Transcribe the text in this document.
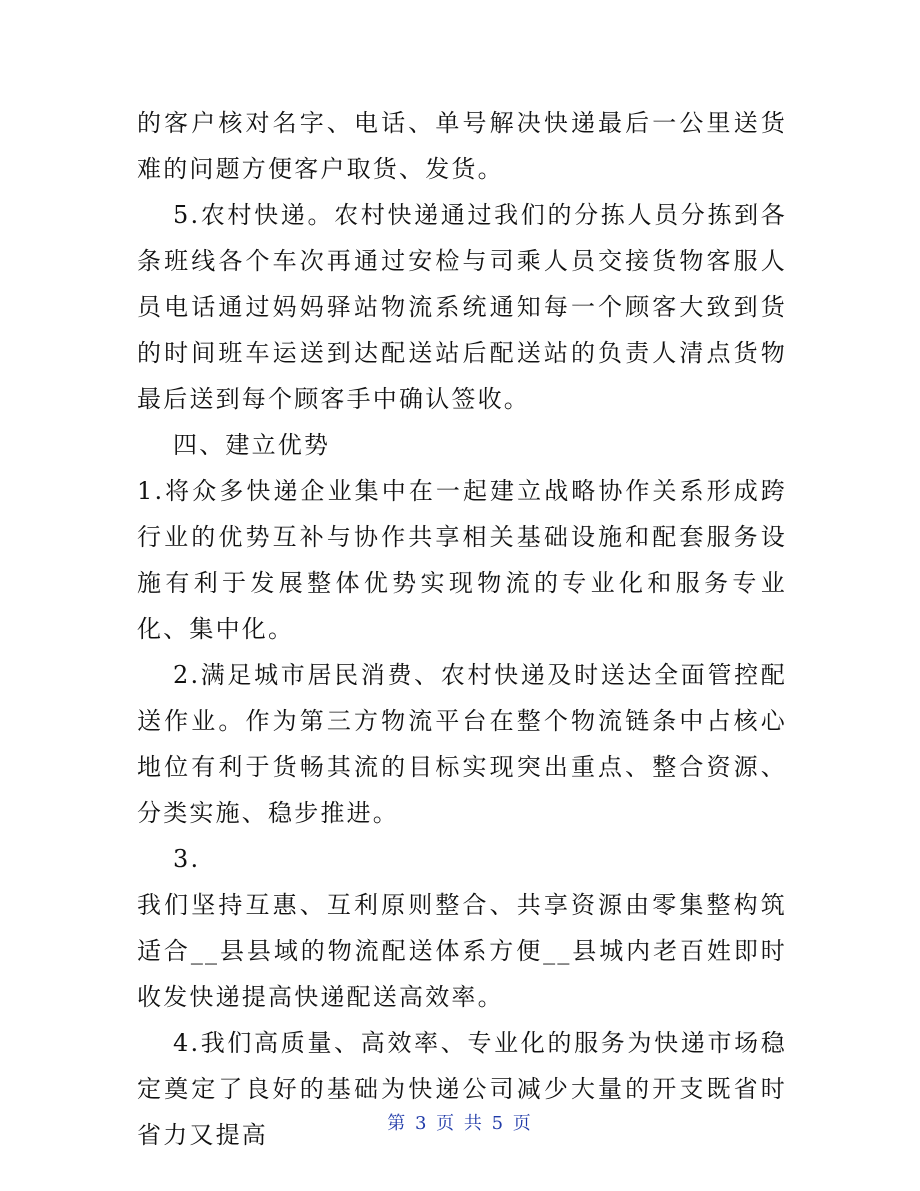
的客户核对名字、电话、单号解决快递最后一公里送货难的问题方便客户取货、发货。

5.农村快递。农村快递通过我们的分拣人员分拣到各条班线各个车次再通过安检与司乘人员交接货物客服人员电话通过妈妈驿站物流系统通知每一个顾客大致到货的时间班车运送到达配送站后配送站的负责人清点货物最后送到每个顾客手中确认签收。

四、建立优势

1.将众多快递企业集中在一起建立战略协作关系形成跨行业的优势互补与协作共享相关基础设施和配套服务设施有利于发展整体优势实现物流的专业化和服务专业化、集中化。

2.满足城市居民消费、农村快递及时送达全面管控配送作业。作为第三方物流平台在整个物流链条中占核心地位有利于货畅其流的目标实现突出重点、整合资源、分类实施、稳步推进。

3.

我们坚持互惠、互利原则整合、共享资源由零集整构筑适合__县县域的物流配送体系方便__县城内老百姓即时收发快递提高快递配送高效率。

4.我们高质量、高效率、专业化的服务为快递市场稳定奠定了良好的基础为快递公司减少大量的开支既省时省力又提高	第 3 页 共 5 页
